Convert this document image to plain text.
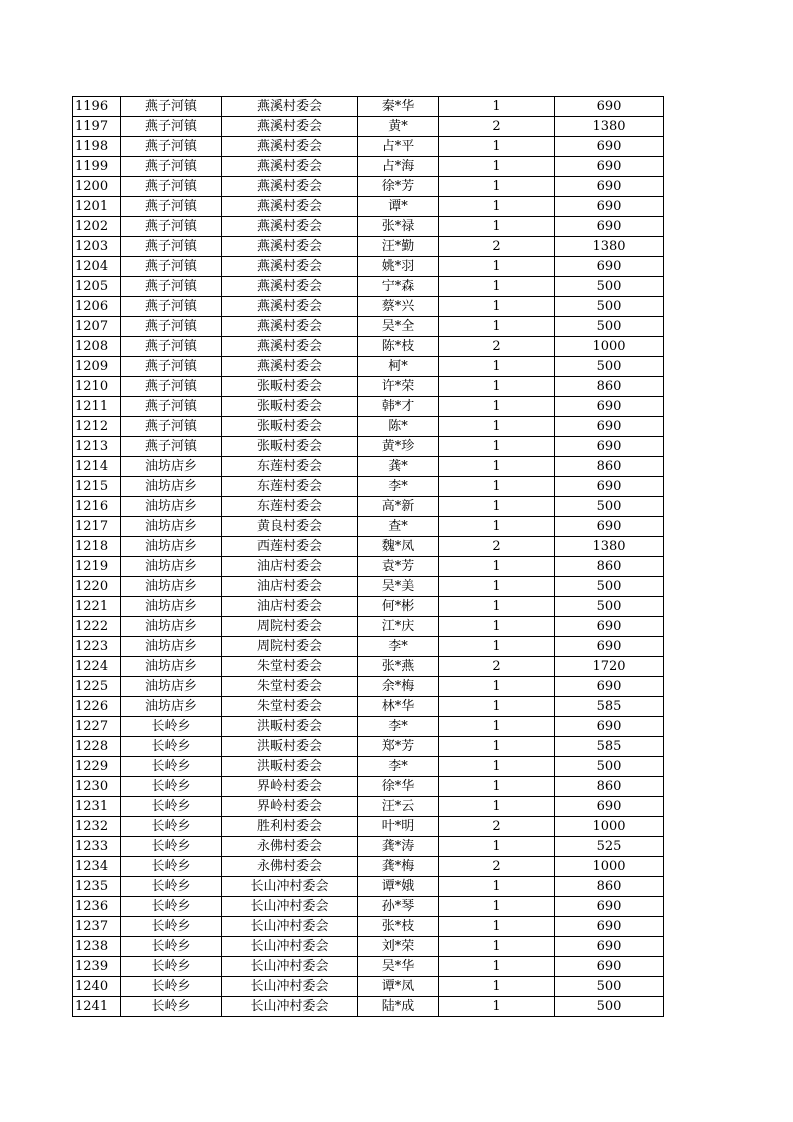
1196	燕子河镇	燕溪村委会	秦*华	1	690
1197	燕子河镇	燕溪村委会	黄*	2	1380
1198	燕子河镇	燕溪村委会	占*平	1	690
1199	燕子河镇	燕溪村委会	占*海	1	690
1200	燕子河镇	燕溪村委会	徐*芳	1	690
1201	燕子河镇	燕溪村委会	谭*	1	690
1202	燕子河镇	燕溪村委会	张*禄	1	690
1203	燕子河镇	燕溪村委会	汪*勤	2	1380
1204	燕子河镇	燕溪村委会	姚*羽	1	690
1205	燕子河镇	燕溪村委会	宁*森	1	500
1206	燕子河镇	燕溪村委会	蔡*兴	1	500
1207	燕子河镇	燕溪村委会	吴*全	1	500
1208	燕子河镇	燕溪村委会	陈*枝	2	1000
1209	燕子河镇	燕溪村委会	柯*	1	500
1210	燕子河镇	张畈村委会	许*荣	1	860
1211	燕子河镇	张畈村委会	韩*才	1	690
1212	燕子河镇	张畈村委会	陈*	1	690
1213	燕子河镇	张畈村委会	黄*珍	1	690
1214	油坊店乡	东莲村委会	龚*	1	860
1215	油坊店乡	东莲村委会	李*	1	690
1216	油坊店乡	东莲村委会	高*新	1	500
1217	油坊店乡	黄良村委会	查*	1	690
1218	油坊店乡	西莲村委会	魏*凤	2	1380
1219	油坊店乡	油店村委会	袁*芳	1	860
1220	油坊店乡	油店村委会	吴*美	1	500
1221	油坊店乡	油店村委会	何*彬	1	500
1222	油坊店乡	周院村委会	江*庆	1	690
1223	油坊店乡	周院村委会	李*	1	690
1224	油坊店乡	朱堂村委会	张*燕	2	1720
1225	油坊店乡	朱堂村委会	余*梅	1	690
1226	油坊店乡	朱堂村委会	林*华	1	585
1227	长岭乡	洪畈村委会	李*	1	690
1228	长岭乡	洪畈村委会	郑*芳	1	585
1229	长岭乡	洪畈村委会	李*	1	500
1230	长岭乡	界岭村委会	徐*华	1	860
1231	长岭乡	界岭村委会	汪*云	1	690
1232	长岭乡	胜利村委会	叶*明	2	1000
1233	长岭乡	永佛村委会	龚*涛	1	525
1234	长岭乡	永佛村委会	龚*梅	2	1000
1235	长岭乡	长山冲村委会	谭*娥	1	860
1236	长岭乡	长山冲村委会	孙*琴	1	690
1237	长岭乡	长山冲村委会	张*枝	1	690
1238	长岭乡	长山冲村委会	刘*荣	1	690
1239	长岭乡	长山冲村委会	吴*华	1	690
1240	长岭乡	长山冲村委会	谭*凤	1	500
1241	长岭乡	长山冲村委会	陆*成	1	500
